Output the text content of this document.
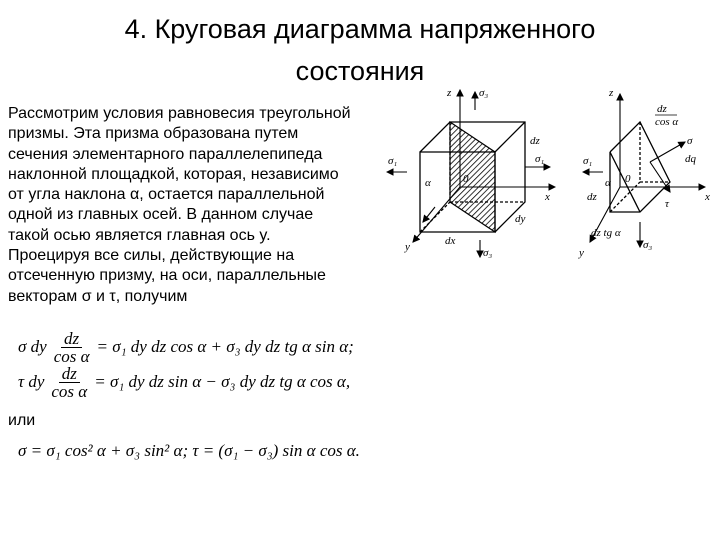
4. Круговая диаграмма напряженного
состояния
Рассмотрим условия равновесия треугольной
призмы. Эта призма образована путем
сечения элементарного параллелепипеда
наклонной площадкой, которая, независимо
от угла наклона α, остается параллельной
одной из главных осей. В данном случае
такой осью является главная ось y.
Проецируя все силы, действующие на
отсеченную призму, на оси, параллельные
векторам σ и τ, получим
z	σ₃
σ₁	σ₁
dz
α	0
x
dy
y	dx
σ₃
z
dz
cos α
σ
dq
τ
σ₁
α 0
x
dz
dz tg α
σ₃
y
σ dy $\frac{dz}{\text{cos α}} = \sigma_1$ dy dz cos α + σ₃ dy dz tg α sin α;
τ dy $\frac{dz}{\text{cos α}} = \sigma_1$ dy dz sin α − σ₃ dy dz tg α cos α,
или
σ = σ₁ cos² α + σ₃ sin² α; τ = (σ₁ − σ₃) sin α cos α.
